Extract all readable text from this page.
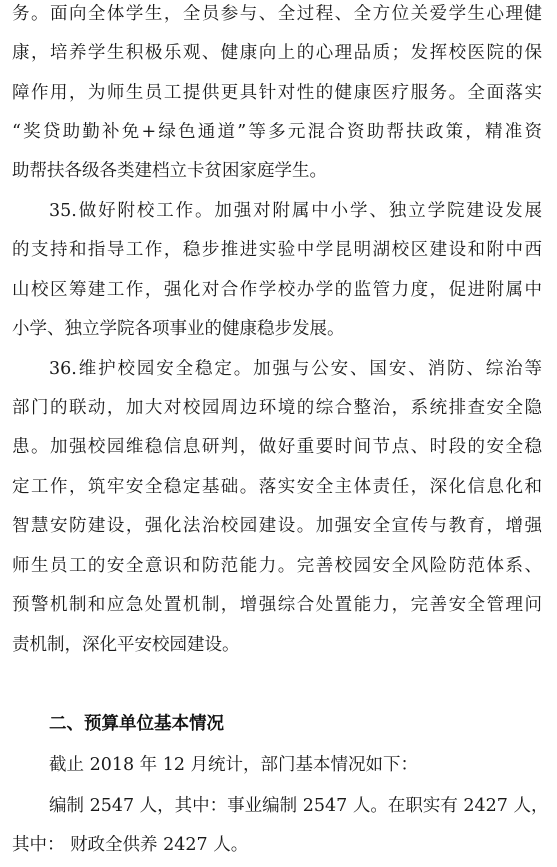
务。面向全体学生，全员参与、全过程、全方位关爱学生心理健
康，培养学生积极乐观、健康向上的心理品质；发挥校医院的保
障作用，为师生员工提供更具针对性的健康医疗服务。全面落实
“奖贷助勤补免+绿色通道”等多元混合资助帮扶政策，精准资
助帮扶各级各类建档立卡贫困家庭学生。
35.做好附校工作。加强对附属中小学、独立学院建设发展
的支持和指导工作，稳步推进实验中学昆明湖校区建设和附中西
山校区筹建工作，强化对合作学校办学的监管力度，促进附属中
小学、独立学院各项事业的健康稳步发展。
36.维护校园安全稳定。加强与公安、国安、消防、综治等
部门的联动，加大对校园周边环境的综合整治，系统排查安全隐
患。加强校园维稳信息研判，做好重要时间节点、时段的安全稳
定工作，筑牢安全稳定基础。落实安全主体责任，深化信息化和
智慧安防建设，强化法治校园建设。加强安全宣传与教育，增强
师生员工的安全意识和防范能力。完善校园安全风险防范体系、
预警机制和应急处置机制，增强综合处置能力，完善安全管理问
责机制，深化平安校园建设。
二、预算单位基本情况
截止 2018 年 12 月统计，部门基本情况如下：
编制 2547 人，其中：事业编制 2547 人。在职实有 2427 人，
其中： 财政全供养 2427 人。
